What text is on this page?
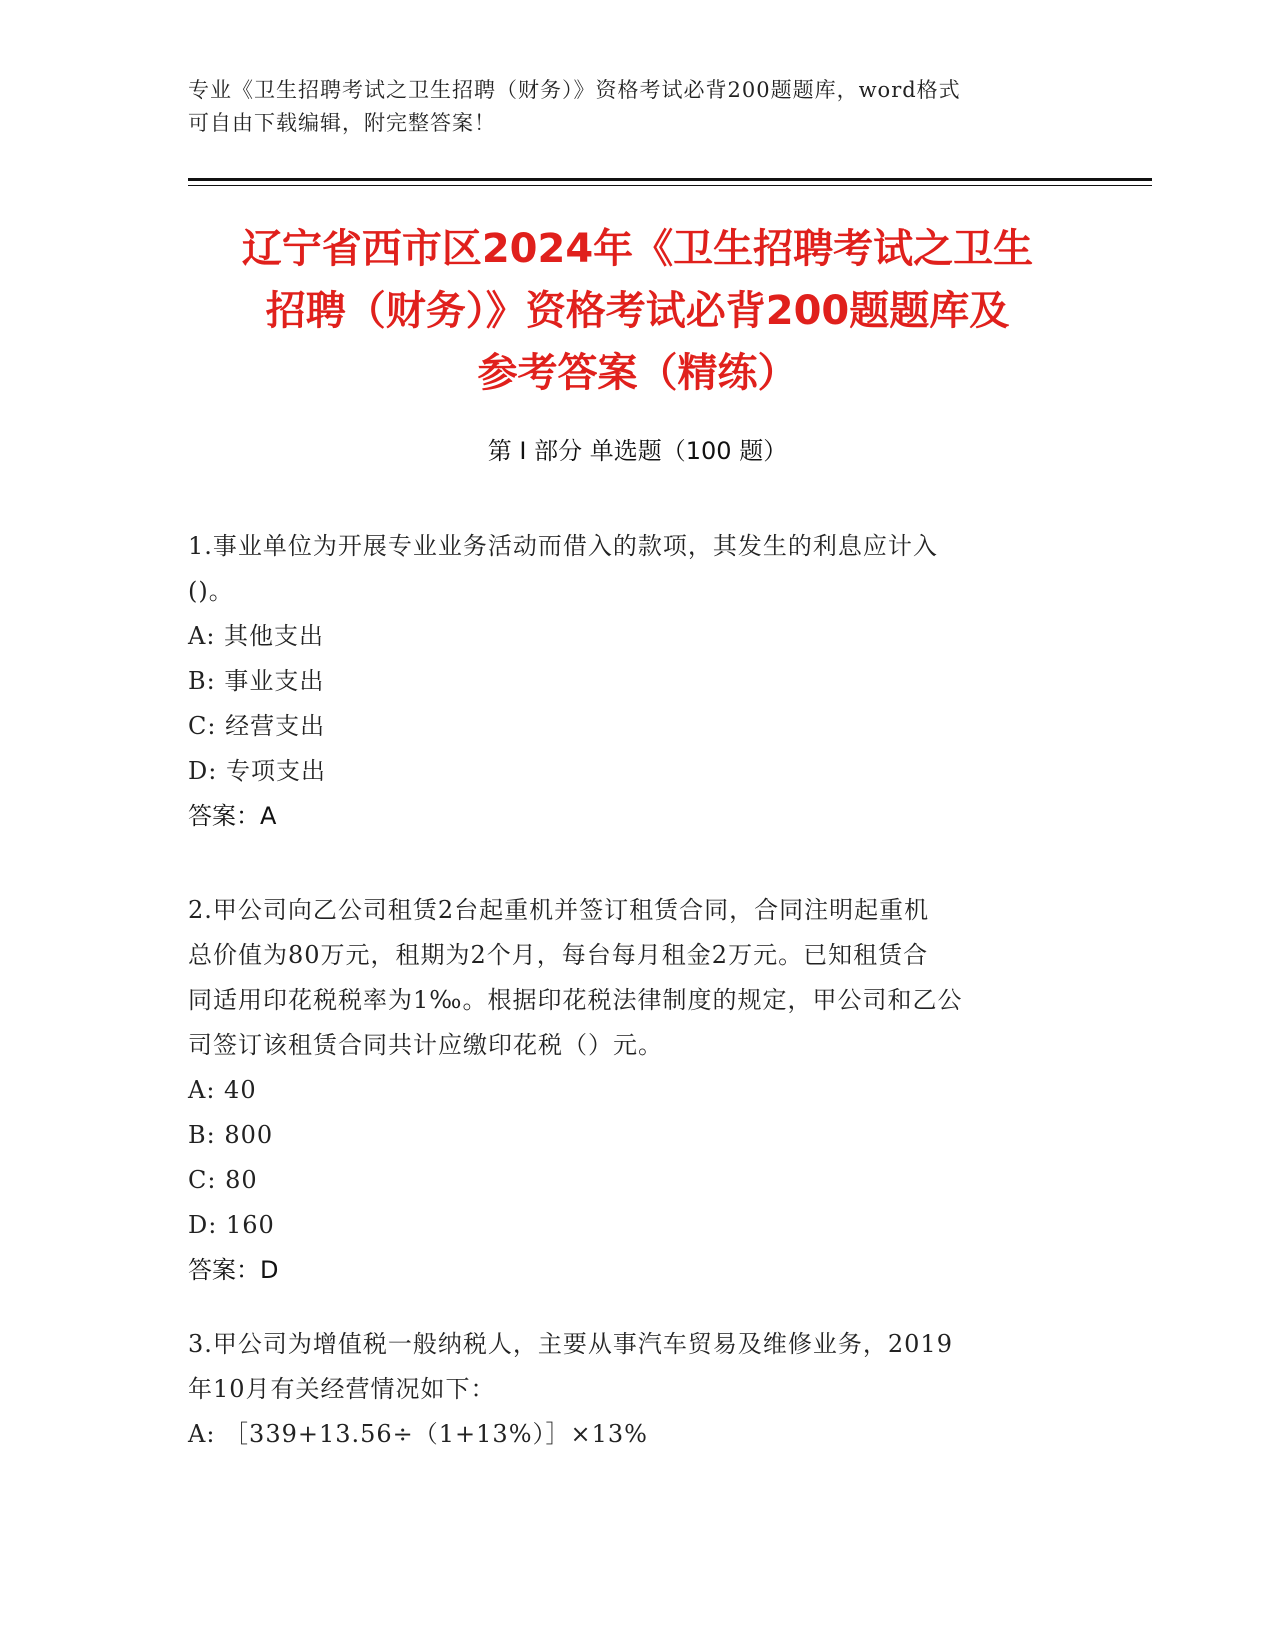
专业《卫生招聘考试之卫生招聘（财务）》资格考试必背200题题库，word格式
可自由下载编辑，附完整答案！
辽宁省西市区2024年《卫生招聘考试之卫生
招聘（财务）》资格考试必背200题题库及
参考答案（精练）
第 I 部分 单选题（100 题）
1.事业单位为开展专业业务活动而借入的款项，其发生的利息应计入
()。
A: 其他支出
B: 事业支出
C: 经营支出
D: 专项支出
答案：A
2.甲公司向乙公司租赁2台起重机并签订租赁合同，合同注明起重机
总价值为80万元，租期为2个月，每台每月租金2万元。已知租赁合
同适用印花税税率为1‰。根据印花税法律制度的规定，甲公司和乙公
司签订该租赁合同共计应缴印花税（）元。
A: 40
B: 800
C: 80
D: 160
答案：D
3.甲公司为增值税一般纳税人，主要从事汽车贸易及维修业务，2019
年10月有关经营情况如下：
A: ［339+13.56÷（1+13%）］×13%
